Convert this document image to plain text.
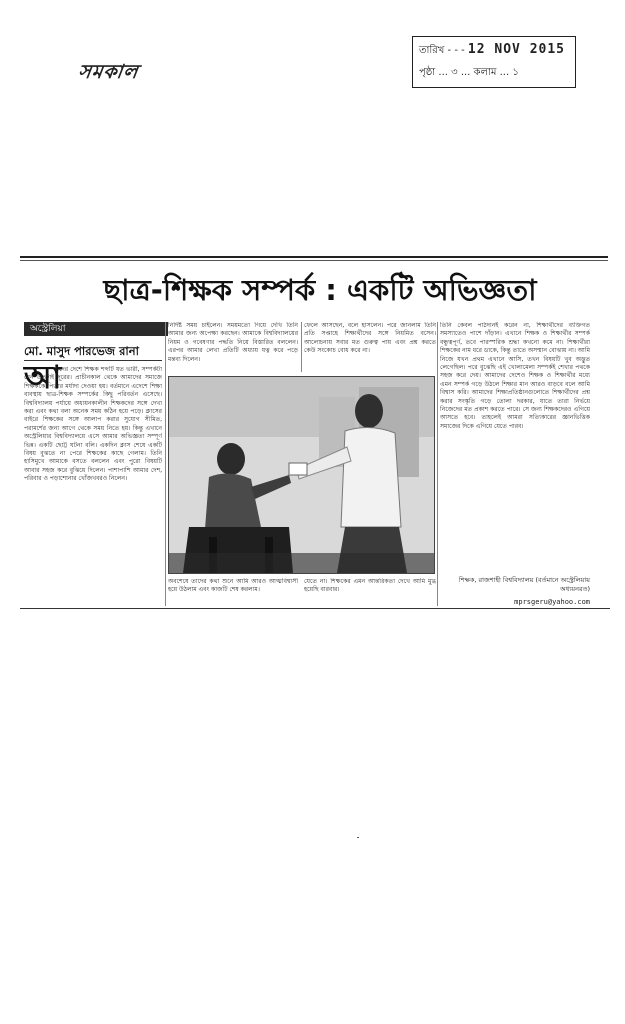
সমকাল
তারিখ - - - 12 NOV 2015
পৃষ্ঠা ... ৩ ... কলাম ... ১
ছাত্র-শিক্ষক সম্পর্ক : একটি অভিজ্ঞতা
অস্ট্রেলিয়া
মো. মাসুদ পারভেজ রানা
আ
মাদের দেশে শিক্ষক শব্দটি যত ভারী, সম্পর্কটা যেন ততটাই দূরের। প্রাচীনকাল থেকে আমাদের সমাজে শিক্ষককে পিতার মর্যাদা দেওয়া হয়। বর্তমানে এদেশে শিক্ষা ব্যবস্থায় ছাত্র-শিক্ষক সম্পর্কের কিছু পরিবর্তন এসেছে। বিশ্ববিদ্যালয় পর্যায়ে অধ্যয়নকালীন শিক্ষকদের সঙ্গে দেখা করা এবং কথা বলা অনেক সময় কঠিন হয়ে পড়ে। ক্লাসের বাইরে শিক্ষকের সঙ্গে আলাপ করার সুযোগ সীমিত, পরামর্শের জন্য আগে থেকে সময় নিতে হয়। কিন্তু এখানে অস্ট্রেলিয়ার বিশ্ববিদ্যালয়ে এসে আমার অভিজ্ঞতা সম্পূর্ণ ভিন্ন। একটি ছোট্ট ঘটনা বলি। একদিন ক্লাস শেষে একটি বিষয় বুঝতে না পেরে শিক্ষকের কাছে গেলাম। তিনি হাসিমুখে আমাকে বসতে বললেন এবং পুরো বিষয়টি আবার সহজ করে বুঝিয়ে দিলেন। পাশাপাশি আমার দেশ, পরিবার ও পড়াশোনার খোঁজখবরও নিলেন।
নির্দিষ্ট সময় চাইলেন। সময়মতো গিয়ে দেখি তিনি আমার জন্য অপেক্ষা করছেন। আমাকে বিশ্ববিদ্যালয়ের নিয়ম ও গবেষণার পদ্ধতি নিয়ে বিস্তারিত বললেন। এরপর আমার লেখা প্রতিটি অধ্যায় যত্ন করে পড়ে মন্তব্য দিলেন।
ফেলে আসছেন, বলে হাসলেন। পরে জানলাম তিনি প্রতি সপ্তাহে শিক্ষার্থীদের সঙ্গে নিয়মিত বসেন। আলোচনায় সবার মত গুরুত্ব পায় এবং প্রশ্ন করতে কেউ সংকোচ বোধ করে না।
তিনি কেবল পাঠদানই করেন না, শিক্ষার্থীদের ব্যক্তিগত সমস্যাতেও পাশে দাঁড়ান। এখানে শিক্ষক ও শিক্ষার্থীর সম্পর্ক বন্ধুত্বপূর্ণ, তবে পারস্পরিক শ্রদ্ধা কখনো কমে না। শিক্ষার্থীরা শিক্ষকের নাম ধরে ডাকে, কিন্তু তাতে অসম্মান বোঝায় না। আমি নিজে যখন প্রথম এখানে আসি, তখন বিষয়টি খুব অদ্ভুত লেগেছিল। পরে বুঝেছি এই খোলামেলা সম্পর্কই শেখার পথকে সহজ করে দেয়। আমাদের দেশেও শিক্ষক ও শিক্ষার্থীর মধ্যে এমন সম্পর্ক গড়ে উঠলে শিক্ষার মান আরও বাড়বে বলে আমি বিশ্বাস করি। আমাদের শিক্ষাপ্রতিষ্ঠানগুলোতে শিক্ষার্থীদের প্রশ্ন করার সংস্কৃতি গড়ে তোলা দরকার, যাতে তারা নির্ভয়ে নিজেদের মত প্রকাশ করতে পারে। সে জন্য শিক্ষকদেরও এগিয়ে আসতে হবে। তাহলেই আমরা সত্যিকারের জ্ঞানভিত্তিক সমাজের দিকে এগিয়ে যেতে পারব।
অবশেষে তাদের কথা শুনে আমি আরও আত্মবিশ্বাসী হয়ে উঠলাম এবং কাজটি শেষ করলাম।
যেতে না। শিক্ষকের এমন আন্তরিকতা দেখে আমি মুগ্ধ হয়েছি বারবার।
শিক্ষক, রাজশাহী বিশ্ববিদ্যালয় (বর্তমানে অস্ট্রেলিয়ায় অধ্যয়নরত)
mprsgeru@yahoo.com
